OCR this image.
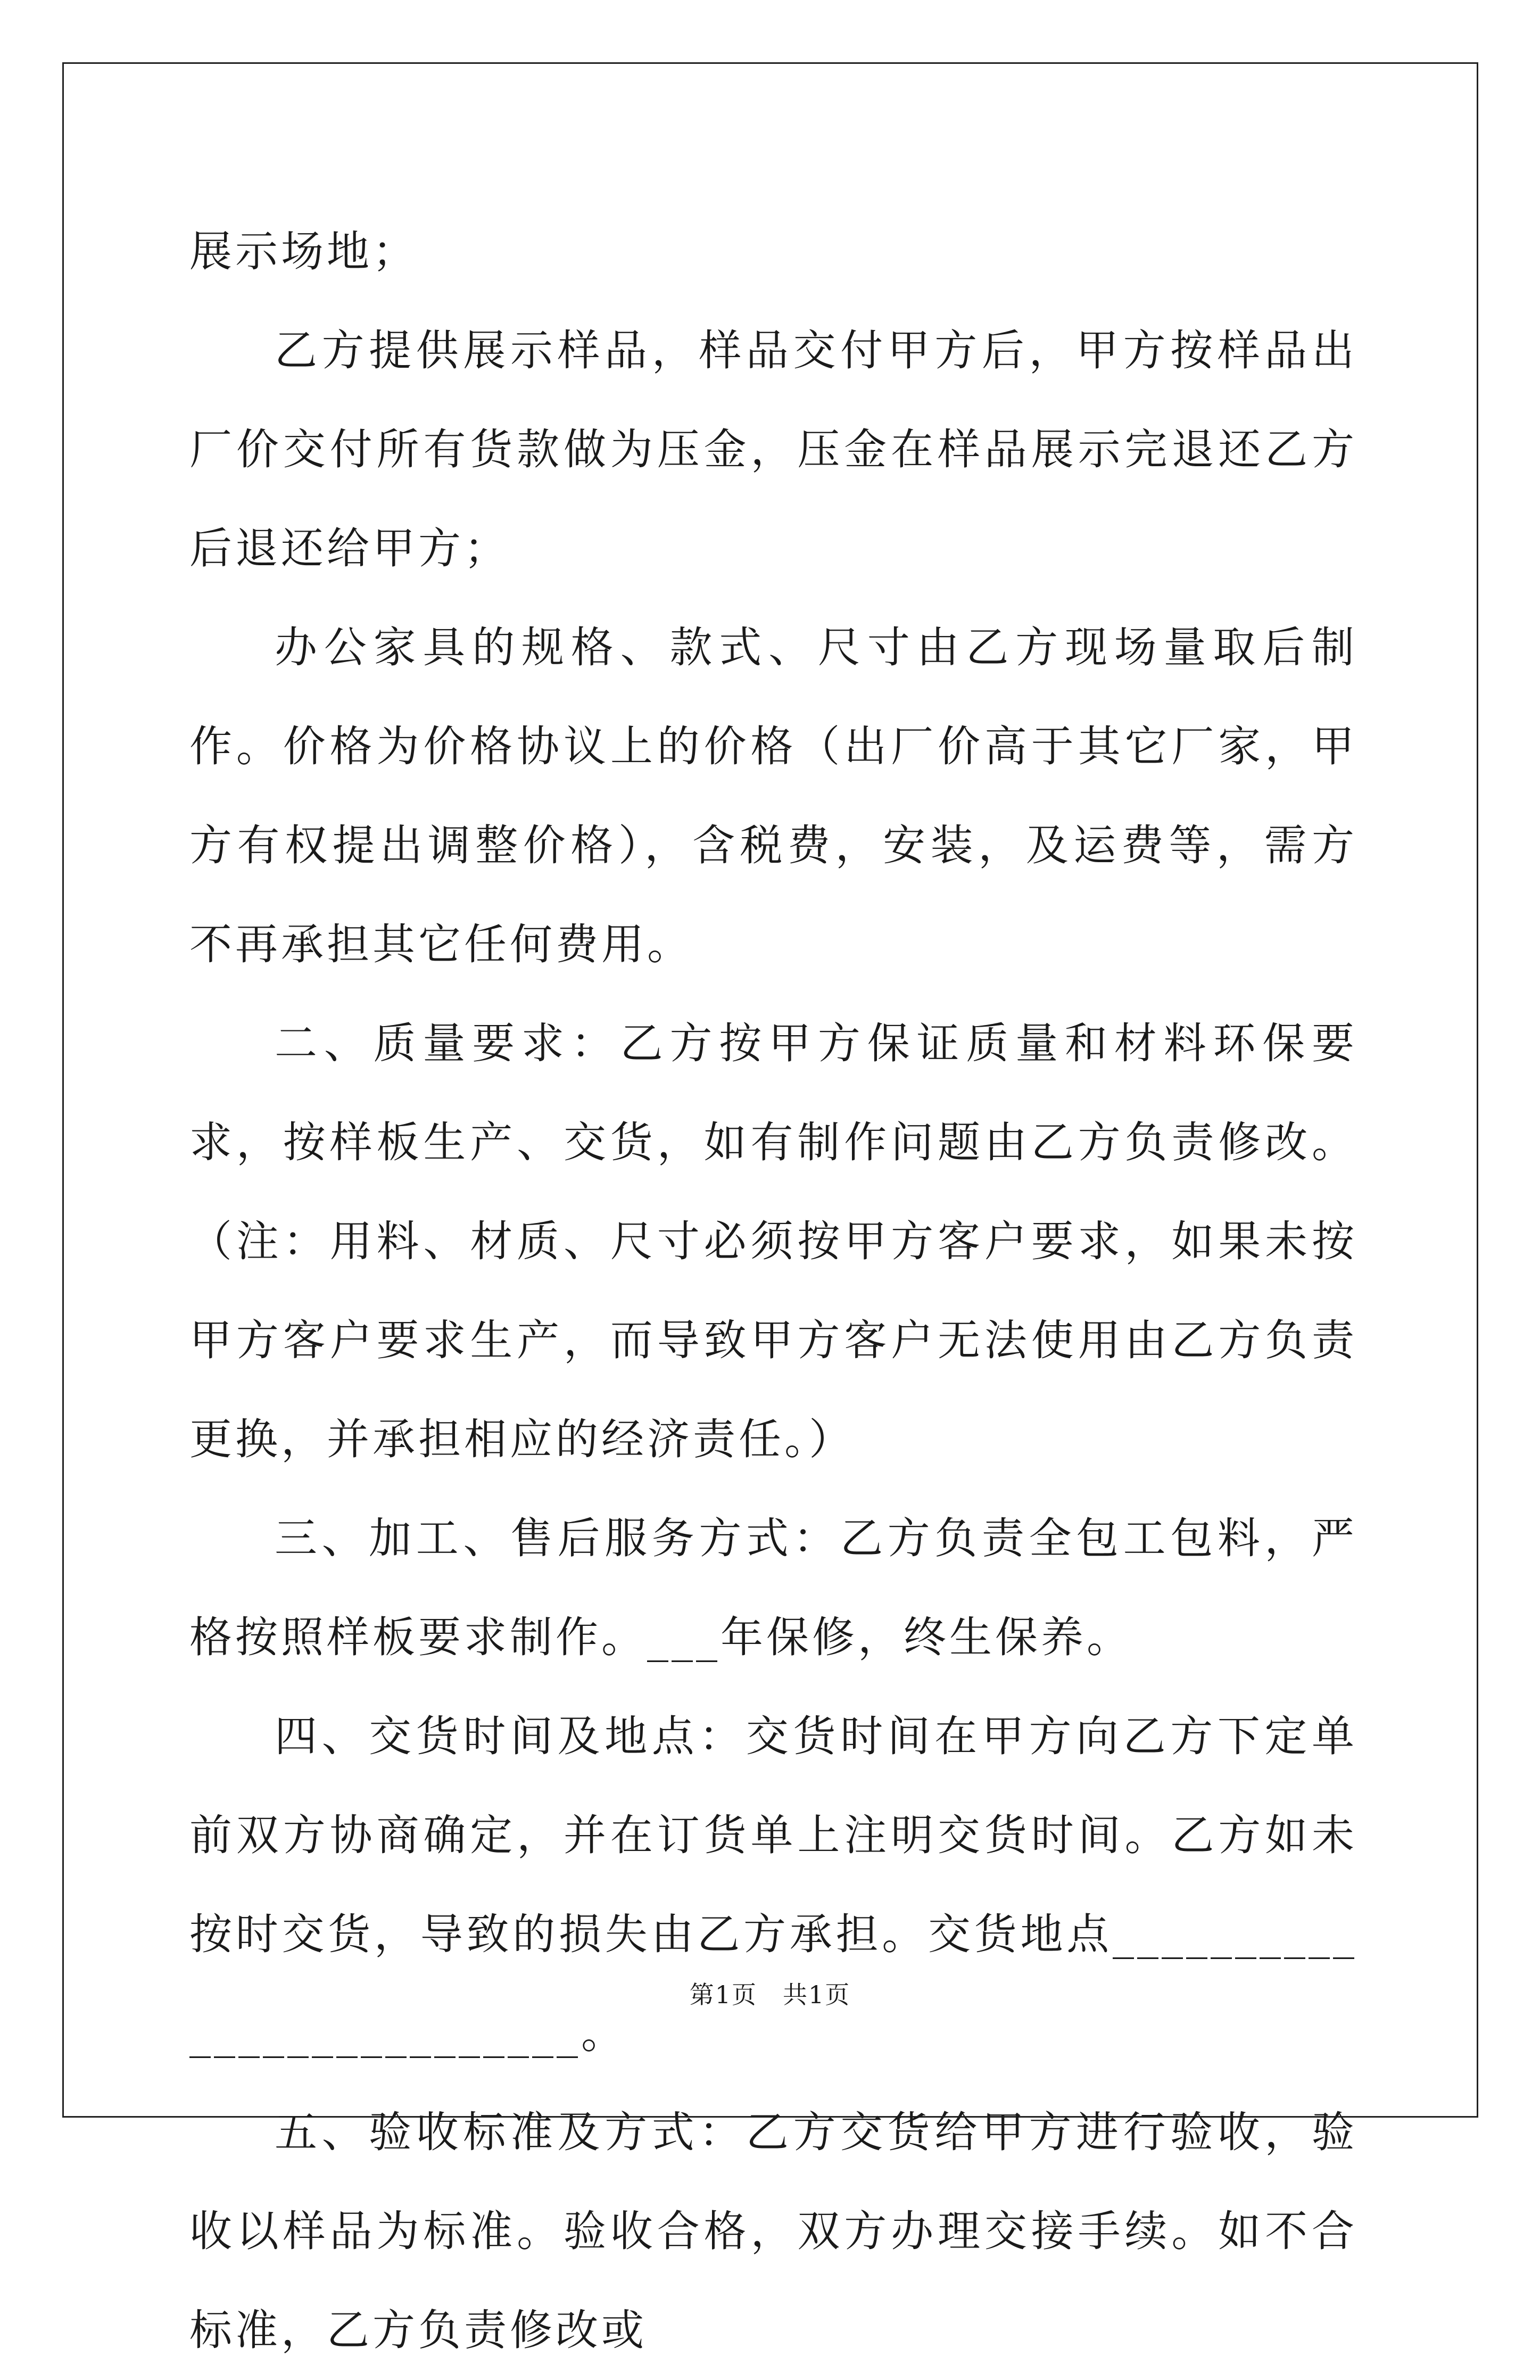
展示场地；

乙方提供展示样品，样品交付甲方后，甲方按样品出厂价交付所有货款做为压金，压金在样品展示完退还乙方后退还给甲方；

办公家具的规格、款式、尺寸由乙方现场量取后制作。价格为价格协议上的价格（出厂价高于其它厂家，甲方有权提出调整价格），含税费，安装，及运费等，需方不再承担其它任何费用。

二、质量要求：乙方按甲方保证质量和材料环保要求，按样板生产、交货，如有制作问题由乙方负责修改。（注：用料、材质、尺寸必须按甲方客户要求，如果未按甲方客户要求生产，而导致甲方客户无法使用由乙方负责更换，并承担相应的经济责任。）

三、加工、售后服务方式：乙方负责全包工包料，严格按照样板要求制作。___年保修，终生保养。

四、交货时间及地点：交货时间在甲方向乙方下定单前双方协商确定，并在订货单上注明交货时间。乙方如未按时交货，导致的损失由乙方承担。交货地点__________________________。

五、验收标准及方式：乙方交货给甲方进行验收，验收以样品为标准。验收合格，双方办理交接手续。如不合标准，乙方负责修改或

第1页　共1页
